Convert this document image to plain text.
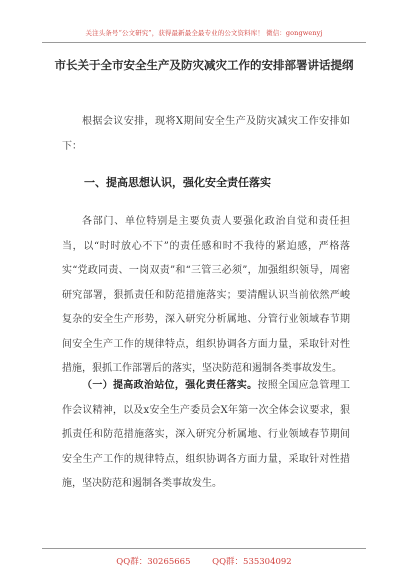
关注头条号“公文研究”，获得最新最全最专业的公文资料库！ 微信：gongwenyj
市长关于全市安全生产及防灾减灾工作的安排部署讲话提纲

根据会议安排，现将X期间安全生产及防灾减灾工作安排如下：

一、提高思想认识，强化安全责任落实

各部门、单位特别是主要负责人要强化政治自觉和责任担当，以“时时放心不下”的责任感和时不我待的紧迫感，严格落实“党政同责、一岗双责”和“三管三必须”，加强组织领导，周密研究部署，狠抓责任和防范措施落实；要清醒认识当前依然严峻复杂的安全生产形势，深入研究分析属地、分管行业领域春节期间安全生产工作的规律特点，组织协调各方面力量，采取针对性措施，狠抓工作部署后的落实，坚决防范和遏制各类事故发生。

（一）提高政治站位，强化责任落实。按照全国应急管理工作会议精神，以及x安全生产委员会X年第一次全体会议要求，狠抓责任和防范措施落实，深入研究分析属地、行业领域春节期间安全生产工作的规律特点，组织协调各方面力量，采取针对性措施，坚决防范和遏制各类事故发生。

QQ群：30265665        QQ群：535304092
